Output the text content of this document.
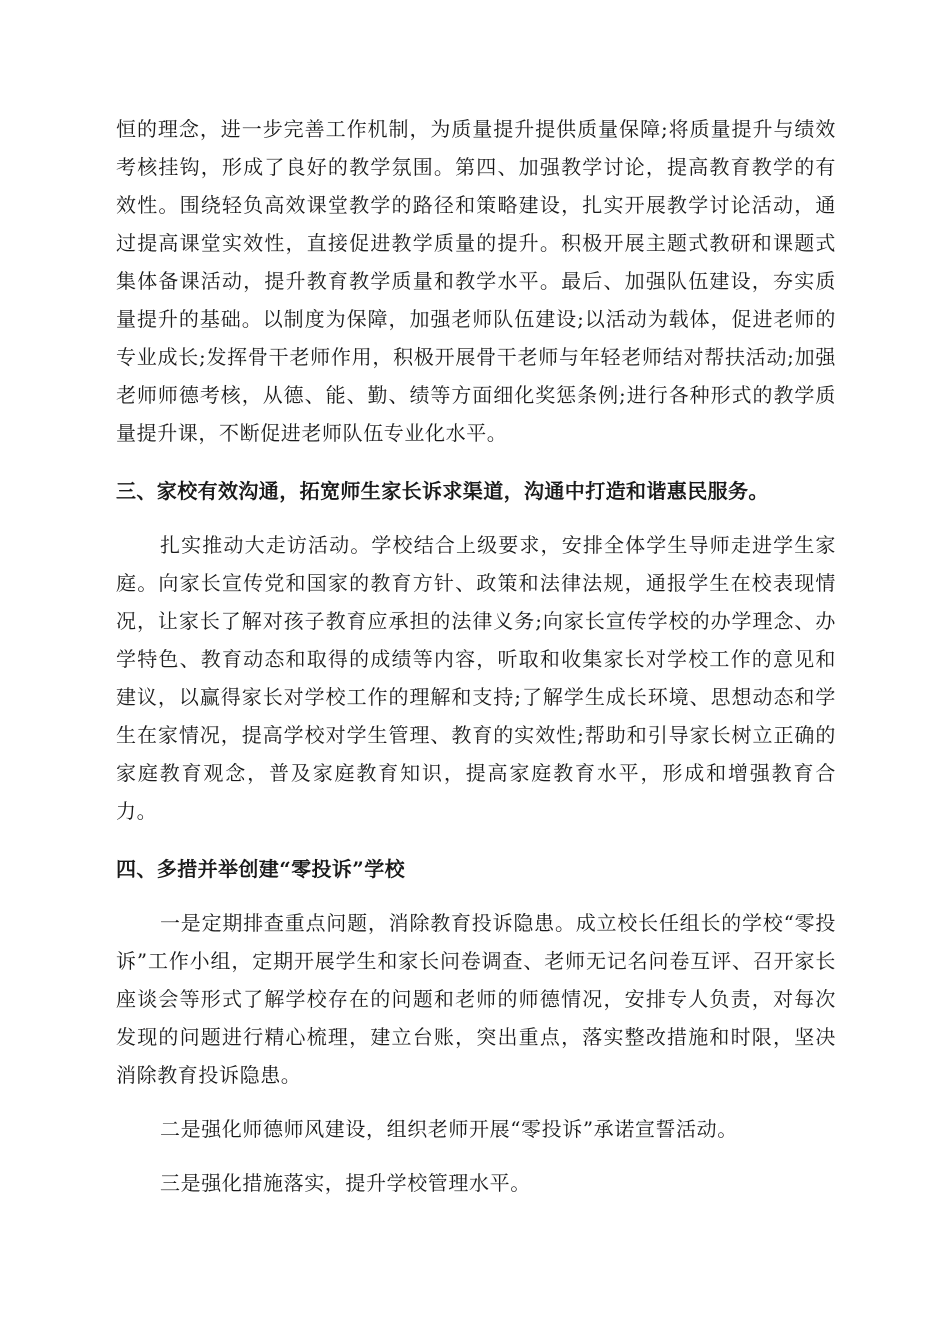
恒的理念，进一步完善工作机制，为质量提升提供质量保障;将质量提升与绩效考核挂钩，形成了良好的教学氛围。第四、加强教学讨论，提高教育教学的有效性。围绕轻负高效课堂教学的路径和策略建设，扎实开展教学讨论活动，通过提高课堂实效性，直接促进教学质量的提升。积极开展主题式教研和课题式集体备课活动，提升教育教学质量和教学水平。最后、加强队伍建设，夯实质量提升的基础。以制度为保障，加强老师队伍建设;以活动为载体，促进老师的专业成长;发挥骨干老师作用，积极开展骨干老师与年轻老师结对帮扶活动;加强老师师德考核，从德、能、勤、绩等方面细化奖惩条例;进行各种形式的教学质量提升课，不断促进老师队伍专业化水平。

三、家校有效沟通，拓宽师生家长诉求渠道，沟通中打造和谐惠民服务。

扎实推动大走访活动。学校结合上级要求，安排全体学生导师走进学生家庭。向家长宣传党和国家的教育方针、政策和法律法规，通报学生在校表现情况，让家长了解对孩子教育应承担的法律义务;向家长宣传学校的办学理念、办学特色、教育动态和取得的成绩等内容，听取和收集家长对学校工作的意见和建议，以赢得家长对学校工作的理解和支持;了解学生成长环境、思想动态和学生在家情况，提高学校对学生管理、教育的实效性;帮助和引导家长树立正确的家庭教育观念，普及家庭教育知识，提高家庭教育水平，形成和增强教育合力。

四、多措并举创建“零投诉”学校

一是定期排查重点问题，消除教育投诉隐患。成立校长任组长的学校“零投诉”工作小组，定期开展学生和家长问卷调查、老师无记名问卷互评、召开家长座谈会等形式了解学校存在的问题和老师的师德情况，安排专人负责，对每次发现的问题进行精心梳理，建立台账，突出重点，落实整改措施和时限，坚决消除教育投诉隐患。

二是强化师德师风建设，组织老师开展“零投诉”承诺宣誓活动。

三是强化措施落实，提升学校管理水平。
